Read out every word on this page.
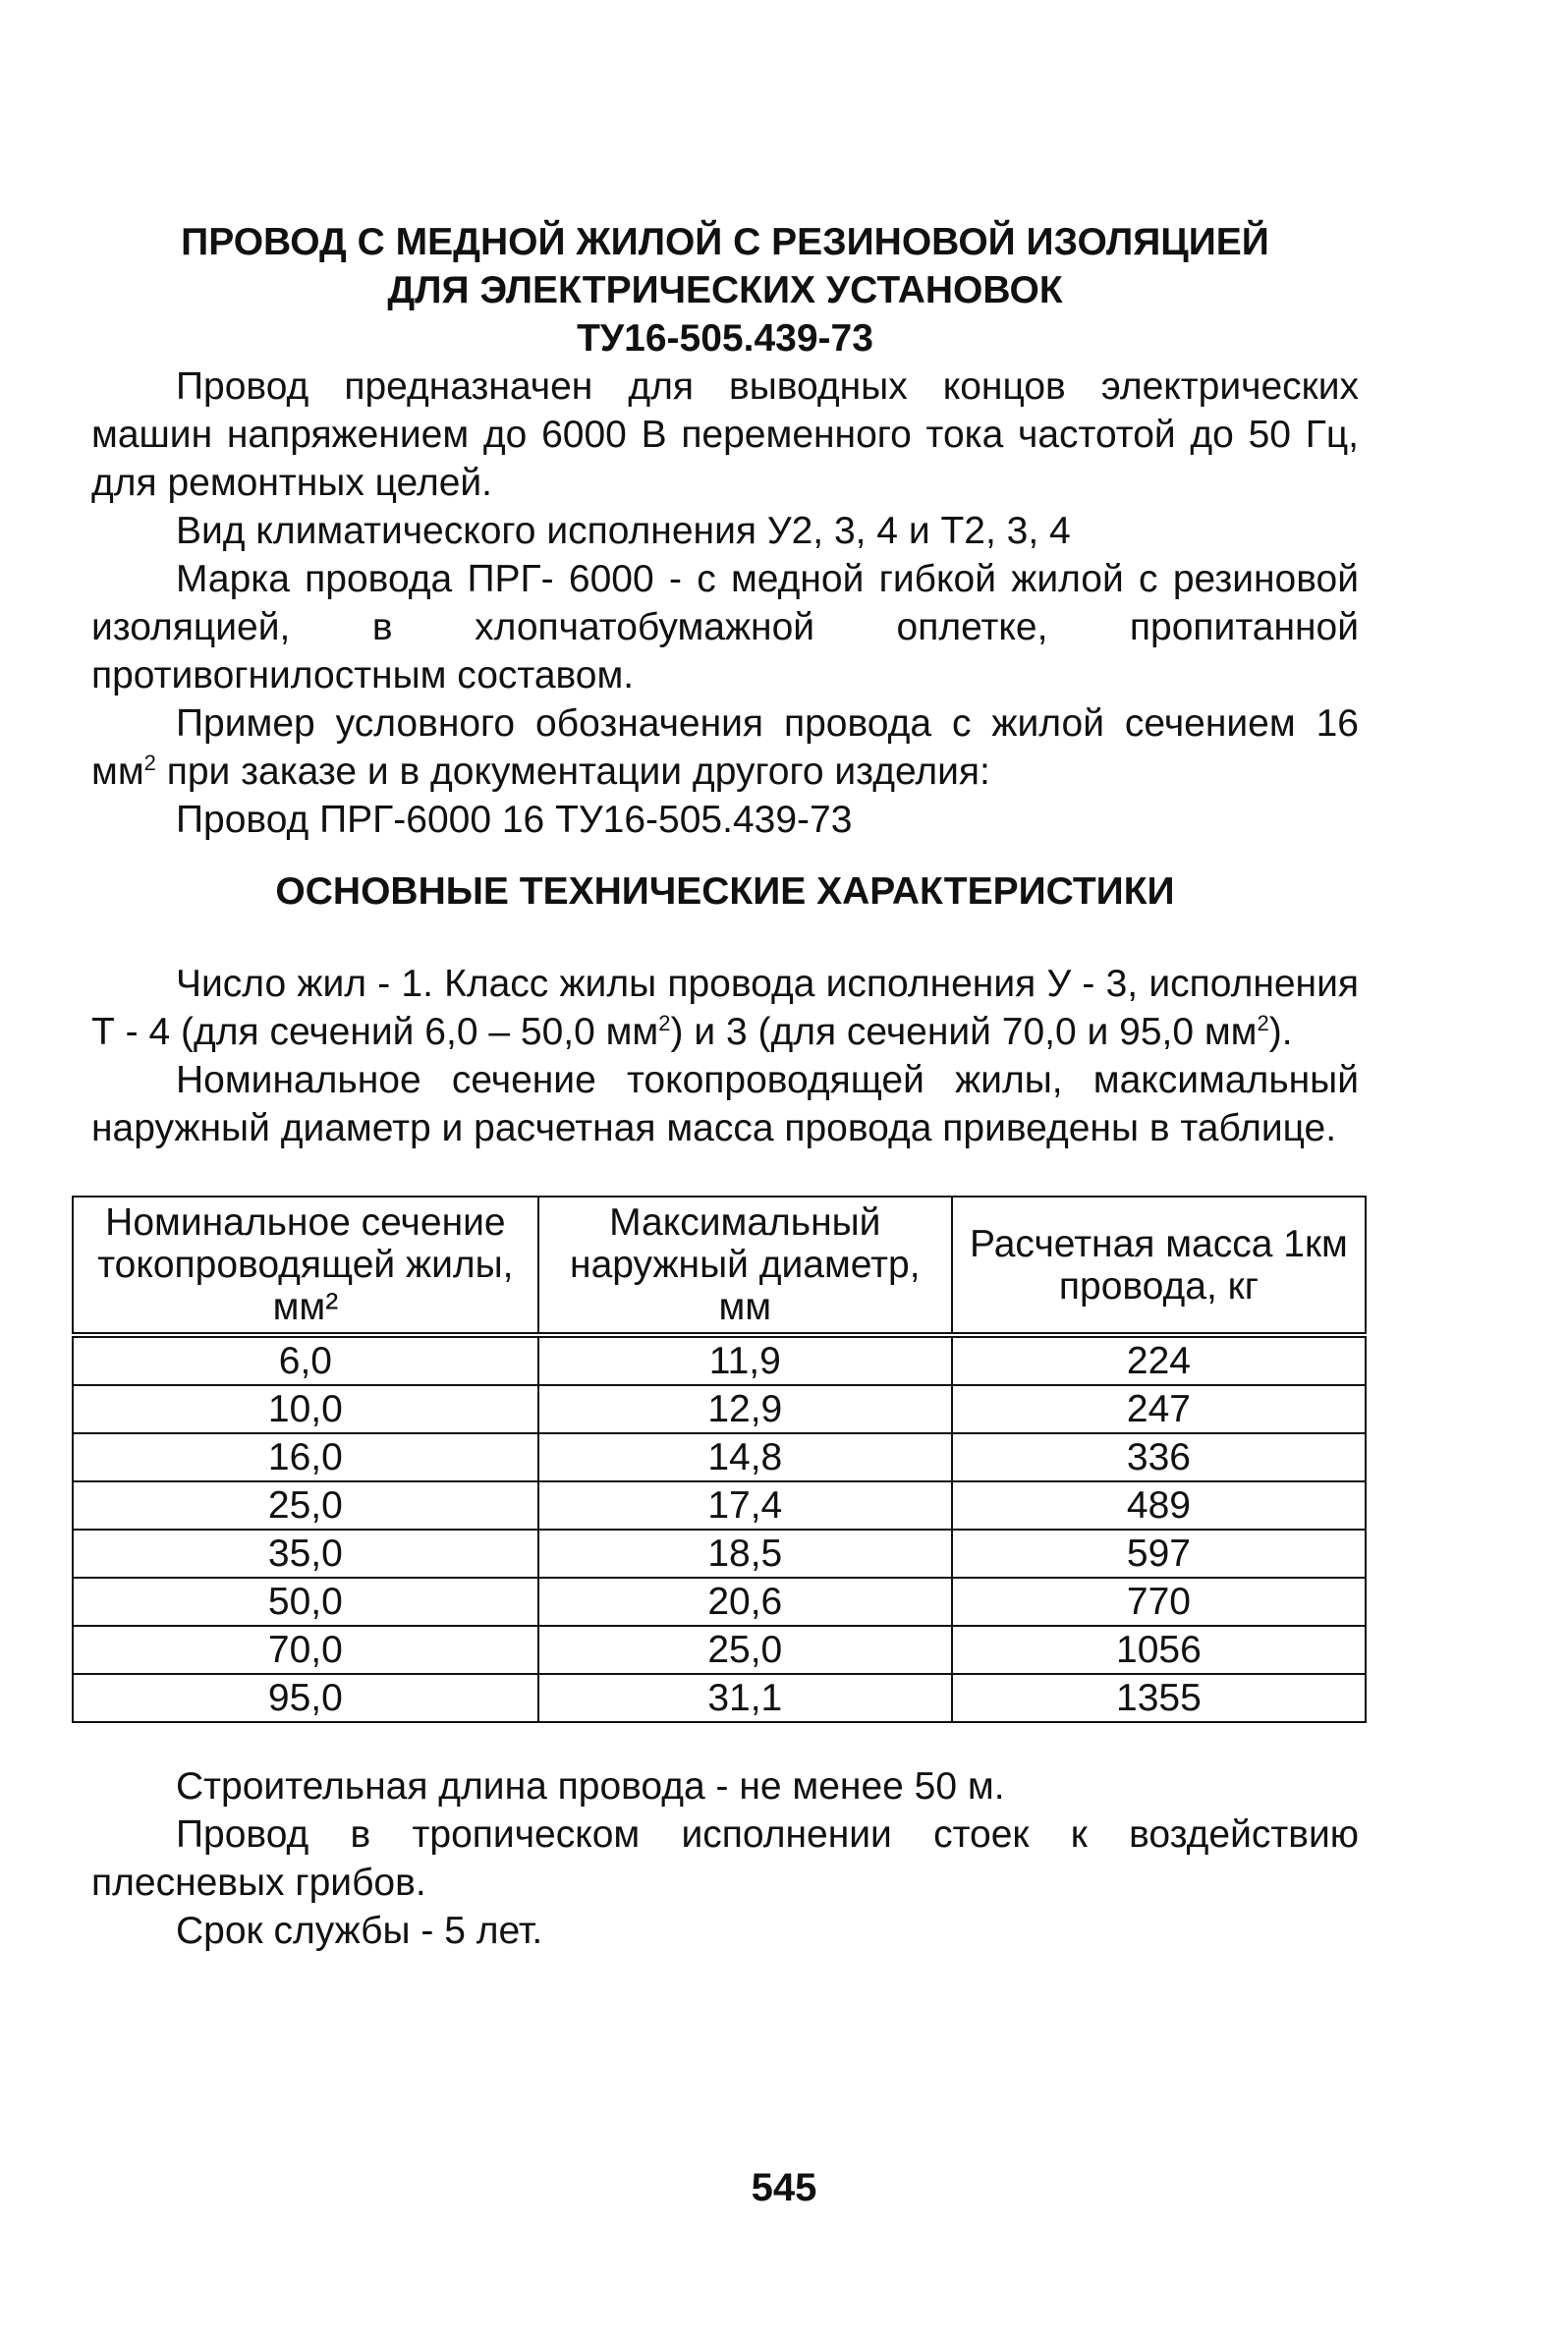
ПРОВОД С МЕДНОЙ ЖИЛОЙ С РЕЗИНОВОЙ ИЗОЛЯЦИЕЙ

ДЛЯ ЭЛЕКТРИЧЕСКИХ УСТАНОВОК

ТУ16-505.439-73

Провод предназначен для выводных концов электрических машин напряжением до 6000 В переменного тока частотой до 50 Гц, для ремонтных целей.

Вид климатического исполнения У2, 3, 4 и Т2, 3, 4

Марка провода ПРГ- 6000 - с медной гибкой жилой с резиновой изоляцией, в хлопчатобумажной оплетке, пропитанной противогнилостным составом.

Пример условного обозначения провода с жилой сечением 16 $мм^2$ при заказе и в документации другого изделия:

Провод ПРГ-6000 16 ТУ16-505.439-73

ОСНОВНЫЕ ТЕХНИЧЕСКИЕ ХАРАКТЕРИСТИКИ

Число жил - 1. Класс жилы провода исполнения У - 3, исполнения Т - 4 (для сечений 6,0 – 50,0 $мм^2$) и 3 (для сечений 70,0 и 95,0 $мм^2$).

Номинальное сечение токопроводящей жилы, максимальный наружный диаметр и расчетная масса провода приведены в таблице.

Номинальное сечение токопроводящей жилы, мм²	Максимальный наружный диаметр, мм	Расчетная масса 1км провода, кг
6,0	11,9	224
10,0	12,9	247
16,0	14,8	336
25,0	17,4	489
35,0	18,5	597
50,0	20,6	770
70,0	25,0	1056
95,0	31,1	1355

Строительная длина провода - не менее 50 м.

Провод в тропическом исполнении стоек к воздействию плесневых грибов.

Срок службы - 5 лет.

545
